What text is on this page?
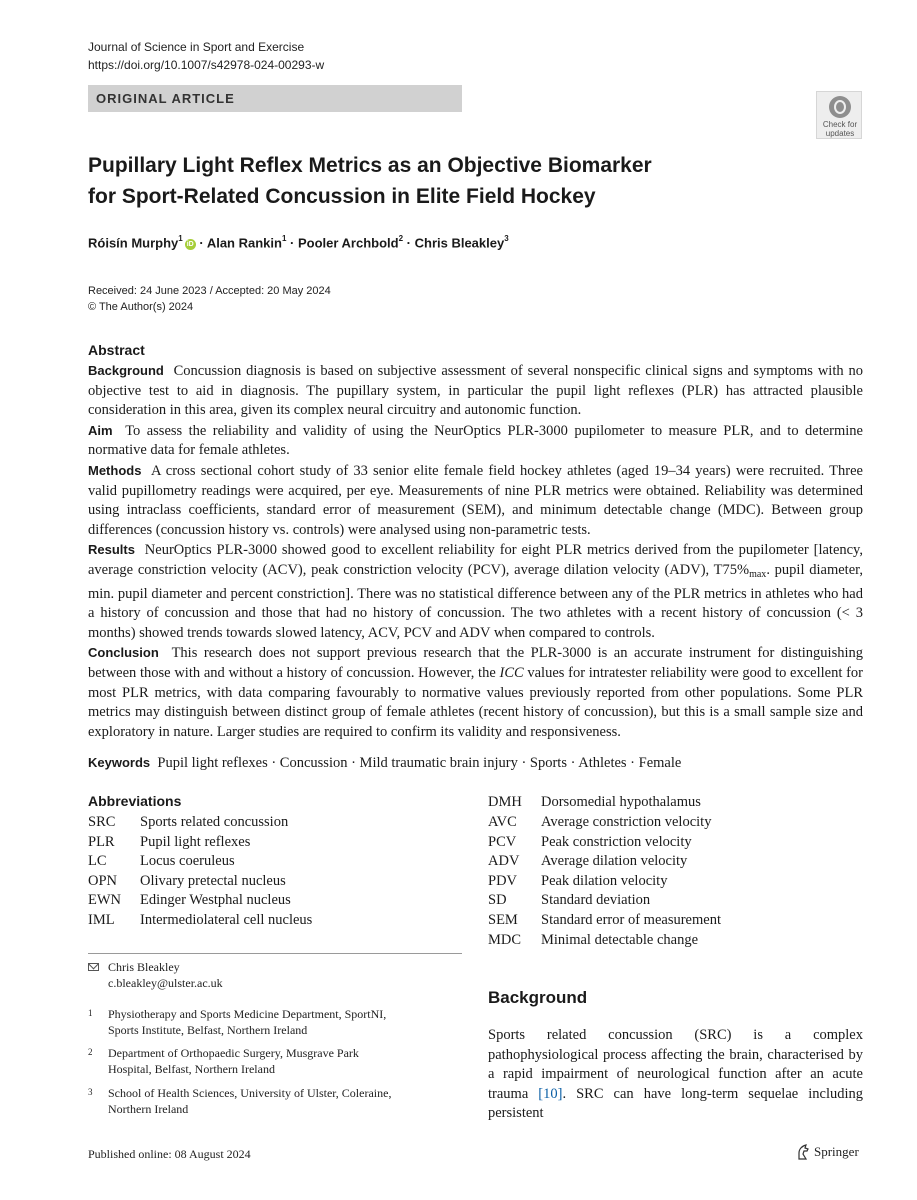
Journal of Science in Sport and Exercise
https://doi.org/10.1007/s42978-024-00293-w
ORIGINAL ARTICLE
Check for
updates
Pupillary Light Reflex Metrics as an Objective Biomarker
for Sport-Related Concussion in Elite Field Hockey
Róisín Murphy$^1$iD · Alan Rankin$^1$ · Pooler Archbold$^2$ · Chris Bleakley$^3$
Received: 24 June 2023 / Accepted: 20 May 2024
© The Author(s) 2024
Abstract

Background Concussion diagnosis is based on subjective assessment of several nonspecific clinical signs and symptoms with no objective test to aid in diagnosis. The pupillary system, in particular the pupil light reflexes (PLR) has attracted plausible consideration in this area, given its complex neural circuitry and autonomic function.

Aim To assess the reliability and validity of using the NeurOptics PLR-3000 pupilometer to measure PLR, and to determine normative data for female athletes.

Methods A cross sectional cohort study of 33 senior elite female field hockey athletes (aged 19–34 years) were recruited. Three valid pupillometry readings were acquired, per eye. Measurements of nine PLR metrics were obtained. Reliability was determined using intraclass coefficients, standard error of measurement (SEM), and minimum detectable change (MDC). Between group differences (concussion history vs. controls) were analysed using non-parametric tests.

Results NeurOptics PLR-3000 showed good to excellent reliability for eight PLR metrics derived from the pupilometer [latency, average constriction velocity (ACV), peak constriction velocity (PCV), average dilation velocity (ADV), $T75\%_{max}$. pupil diameter, min. pupil diameter and percent constriction]. There was no statistical difference between any of the PLR metrics in athletes who had a history of concussion and those that had no history of concussion. The two athletes with a recent history of concussion (< 3 months) showed trends towards slowed latency, ACV, PCV and ADV when compared to controls.

Conclusion This research does not support previous research that the PLR-3000 is an accurate instrument for distinguishing between those with and without a history of concussion. However, the ICC values for intratester reliability were good to excellent for most PLR metrics, with data comparing favourably to normative values previously reported from other populations. Some PLR metrics may distinguish between distinct group of female athletes (recent history of concussion), but this is a small sample size and exploratory in nature. Larger studies are required to confirm its validity and responsiveness.

Keywords Pupil light reflexes · Concussion · Mild traumatic brain injury · Sports · Athletes · Female
Abbreviations
SRC Sports related concussion
PLR Pupil light reflexes
LC Locus coeruleus
OPN Olivary pretectal nucleus
EWN Edinger Westphal nucleus
IML Intermediolateral cell nucleus
DMH Dorsomedial hypothalamus
AVC Average constriction velocity
PCV Peak constriction velocity
ADV Average dilation velocity
PDV Peak dilation velocity
SD Standard deviation
SEM Standard error of measurement
MDC Minimal detectable change
Chris Bleakley
c.bleakley@ulster.ac.uk
1 Physiotherapy and Sports Medicine Department, SportNI,
Sports Institute, Belfast, Northern Ireland
2 Department of Orthopaedic Surgery, Musgrave Park
Hospital, Belfast, Northern Ireland
3 School of Health Sciences, University of Ulster, Coleraine,
Northern Ireland
Background
Sports related concussion (SRC) is a complex pathophysiological process affecting the brain, characterised by a rapid impairment of neurological function after an acute trauma [10]. SRC can have long-term sequelae including persistent
Published online: 08 August 2024	Springer
